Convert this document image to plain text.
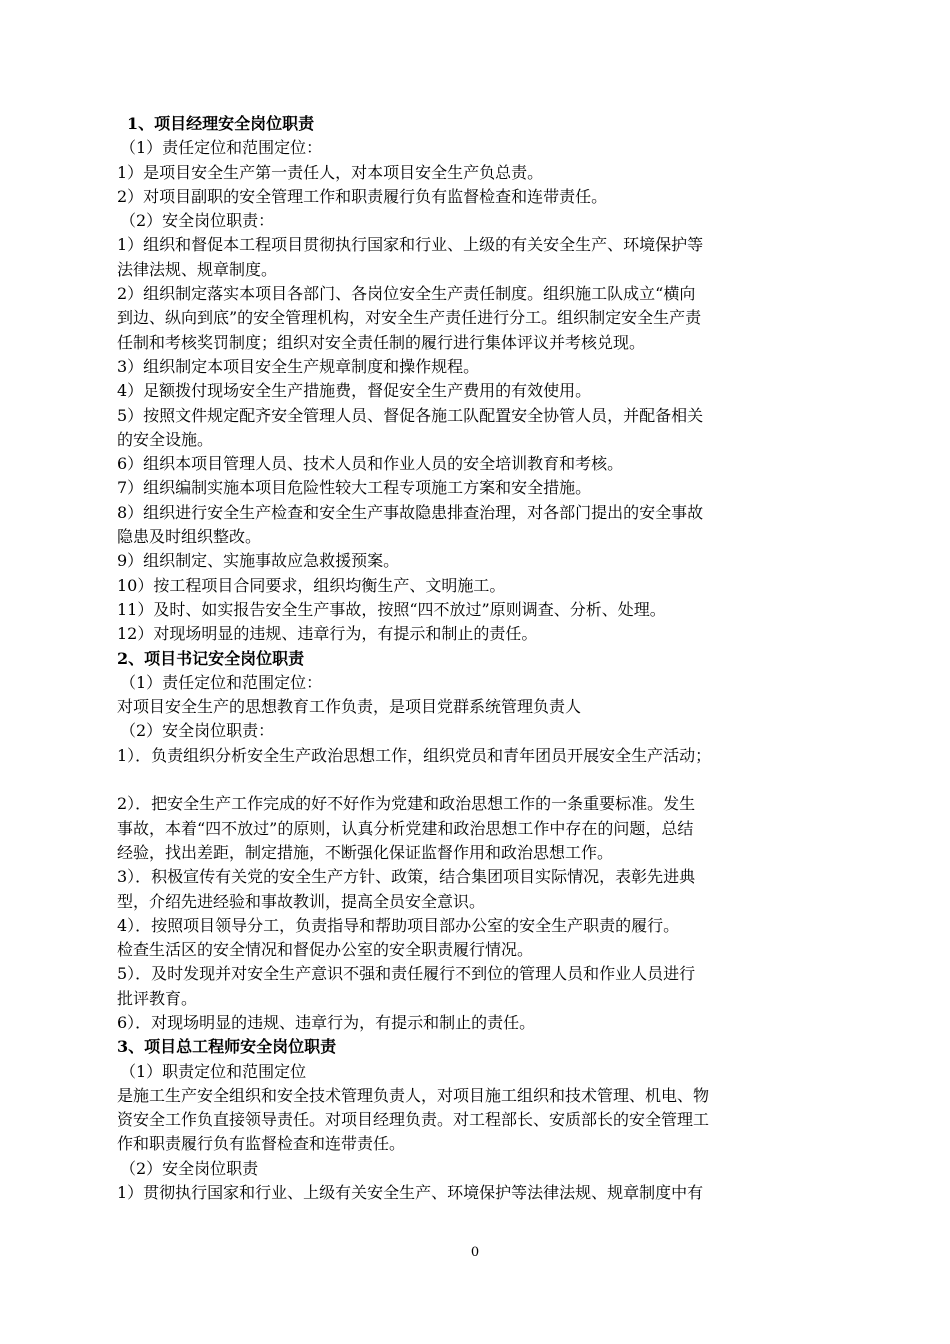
1、项目经理安全岗位职责

（1）责任定位和范围定位：

1）是项目安全生产第一责任人，对本项目安全生产负总责。

2）对项目副职的安全管理工作和职责履行负有监督检查和连带责任。

（2）安全岗位职责：

1）组织和督促本工程项目贯彻执行国家和行业、上级的有关安全生产、环境保护等

法律法规、规章制度。

2）组织制定落实本项目各部门、各岗位安全生产责任制度。组织施工队成立“横向

到边、纵向到底”的安全管理机构，对安全生产责任进行分工。组织制定安全生产责

任制和考核奖罚制度；组织对安全责任制的履行进行集体评议并考核兑现。

3）组织制定本项目安全生产规章制度和操作规程。

4）足额拨付现场安全生产措施费，督促安全生产费用的有效使用。

5）按照文件规定配齐安全管理人员、督促各施工队配置安全协管人员，并配备相关

的安全设施。

6）组织本项目管理人员、技术人员和作业人员的安全培训教育和考核。

7）组织编制实施本项目危险性较大工程专项施工方案和安全措施。

8）组织进行安全生产检查和安全生产事故隐患排查治理，对各部门提出的安全事故

隐患及时组织整改。

9）组织制定、实施事故应急救援预案。

10）按工程项目合同要求，组织均衡生产、文明施工。

11）及时、如实报告安全生产事故，按照“四不放过”原则调查、分析、处理。

12）对现场明显的违规、违章行为，有提示和制止的责任。

2、项目书记安全岗位职责

（1）责任定位和范围定位：

对项目安全生产的思想教育工作负责，是项目党群系统管理负责人

（2）安全岗位职责：

1）．负责组织分析安全生产政治思想工作，组织党员和青年团员开展安全生产活动；

2）．把安全生产工作完成的好不好作为党建和政治思想工作的一条重要标准。发生

事故，本着“四不放过”的原则，认真分析党建和政治思想工作中存在的问题，总结

经验，找出差距，制定措施，不断强化保证监督作用和政治思想工作。

3）．积极宣传有关党的安全生产方针、政策，结合集团项目实际情况，表彰先进典

型，介绍先进经验和事故教训，提高全员安全意识。

4）．按照项目领导分工，负责指导和帮助项目部办公室的安全生产职责的履行。

检查生活区的安全情况和督促办公室的安全职责履行情况。

5）．及时发现并对安全生产意识不强和责任履行不到位的管理人员和作业人员进行

批评教育。

6）．对现场明显的违规、违章行为，有提示和制止的责任。

3、项目总工程师安全岗位职责

（1）职责定位和范围定位

是施工生产安全组织和安全技术管理负责人，对项目施工组织和技术管理、机电、物

资安全工作负直接领导责任。对项目经理负责。对工程部长、安质部长的安全管理工

作和职责履行负有监督检查和连带责任。

（2）安全岗位职责

1）贯彻执行国家和行业、上级有关安全生产、环境保护等法律法规、规章制度中有

0
